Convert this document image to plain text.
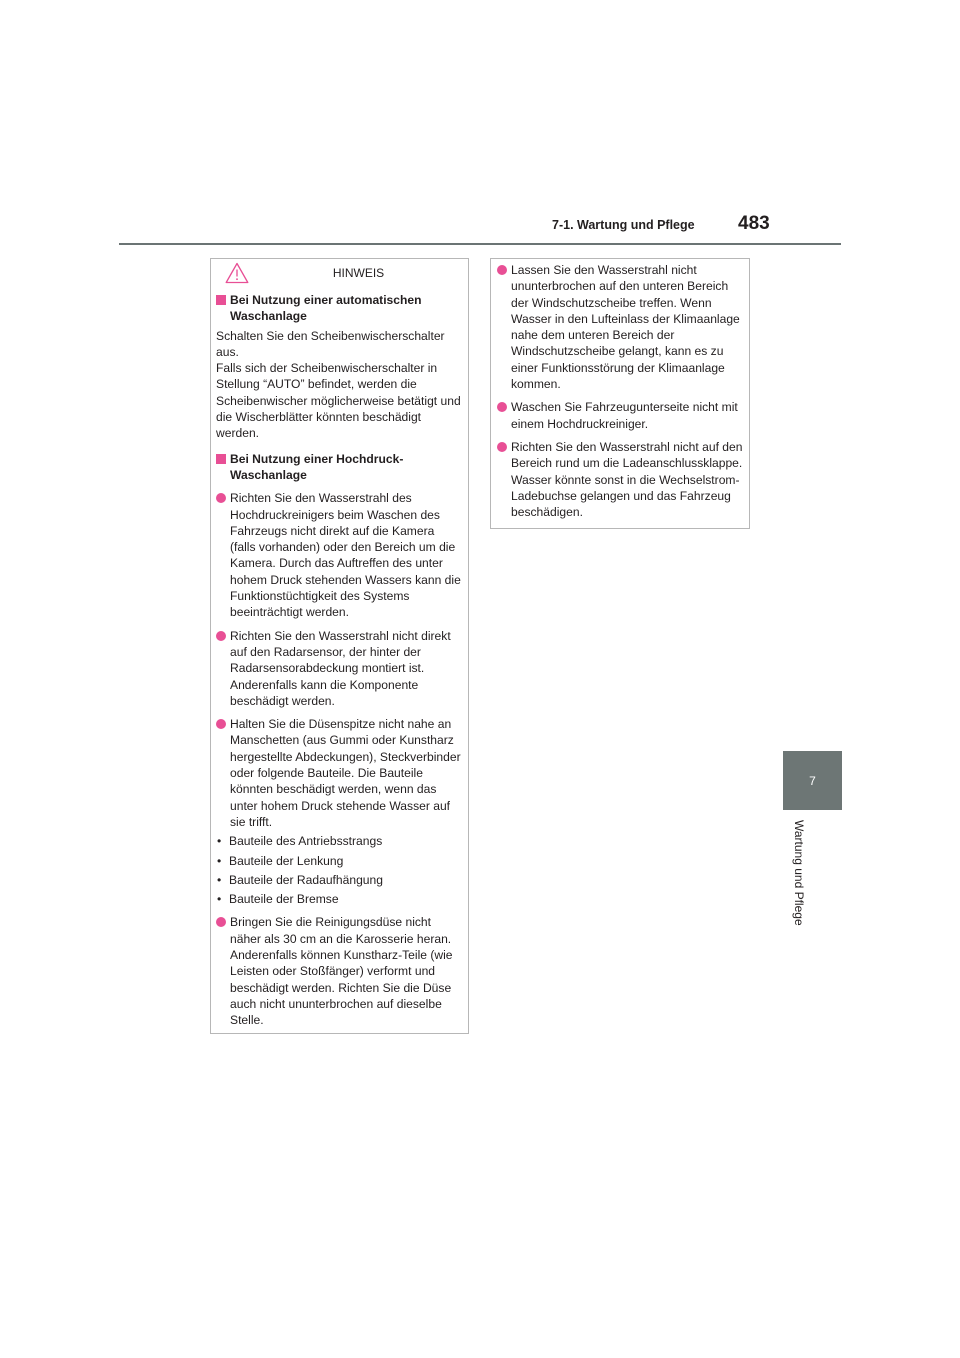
7-1. Wartung und Pflege	483
7
Wartung und Pflege
HINWEIS
Bei Nutzung einer automatischen Waschanlage
Schalten Sie den Scheibenwischerschalter aus.
Falls sich der Scheibenwischerschalter in Stellung “AUTO” befindet, werden die Scheibenwischer möglicherweise betätigt und die Wischerblätter könnten beschädigt werden.
Bei Nutzung einer Hochdruck-Waschanlage
Richten Sie den Wasserstrahl des Hochdruckreinigers beim Waschen des Fahrzeugs nicht direkt auf die Kamera (falls vorhanden) oder den Bereich um die Kamera. Durch das Auftreffen des unter hohem Druck stehenden Wassers kann die Funktionstüchtigkeit des Systems beeinträchtigt werden.
Richten Sie den Wasserstrahl nicht direkt auf den Radarsensor, der hinter der Radarsensorabdeckung montiert ist. Anderenfalls kann die Komponente beschädigt werden.
Halten Sie die Düsenspitze nicht nahe an Manschetten (aus Gummi oder Kunstharz hergestellte Abdeckungen), Steckverbinder oder folgende Bauteile. Die Bauteile könnten beschädigt werden, wenn das unter hohem Druck stehende Wasser auf sie trifft.
• Bauteile des Antriebsstrangs
• Bauteile der Lenkung
• Bauteile der Radaufhängung
• Bauteile der Bremse
Bringen Sie die Reinigungsdüse nicht näher als 30 cm an die Karosserie heran. Anderenfalls können Kunstharz-Teile (wie Leisten oder Stoßfänger) verformt und beschädigt werden. Richten Sie die Düse auch nicht ununterbrochen auf dieselbe Stelle.
Lassen Sie den Wasserstrahl nicht ununterbrochen auf den unteren Bereich der Windschutzscheibe treffen. Wenn Wasser in den Lufteinlass der Klimaanlage nahe dem unteren Bereich der Windschutzscheibe gelangt, kann es zu einer Funktionsstörung der Klimaanlage kommen.
Waschen Sie Fahrzeugunterseite nicht mit einem Hochdruckreiniger.
Richten Sie den Wasserstrahl nicht auf den Bereich rund um die Ladeanschlussklappe. Wasser könnte sonst in die Wechselstrom-Ladebuchse gelangen und das Fahrzeug beschädigen.
